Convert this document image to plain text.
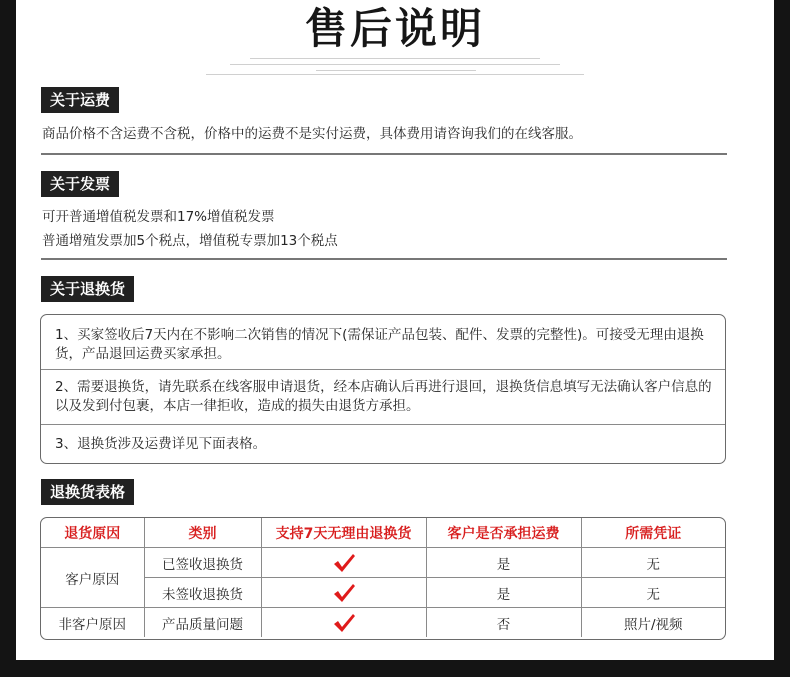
售后说明
关于运费
商品价格不含运费不含税，价格中的运费不是实付运费，具体费用请咨询我们的在线客服。
关于发票
可开普通增值税发票和17%增值税发票
普通增殖发票加5个税点，增值税专票加13个税点
关于退换货
1、买家签收后7天内在不影响二次销售的情况下(需保证产品包装、配件、发票的完整性)。可接受无理由退换货，产品退回运费买家承担。
2、需要退换货，请先联系在线客服申请退货，经本店确认后再进行退回，退换货信息填写无法确认客户信息的以及发到付包裹，本店一律拒收，造成的损失由退货方承担。
3、退换货涉及运费详见下面表格。
退换货表格
退货原因	类别	支持7天无理由退换货	客户是否承担运费	所需凭证
客户原因	已签收退换货		是	无
	未签收退换货		是	无
非客户原因	产品质量问题		否	照片/视频
